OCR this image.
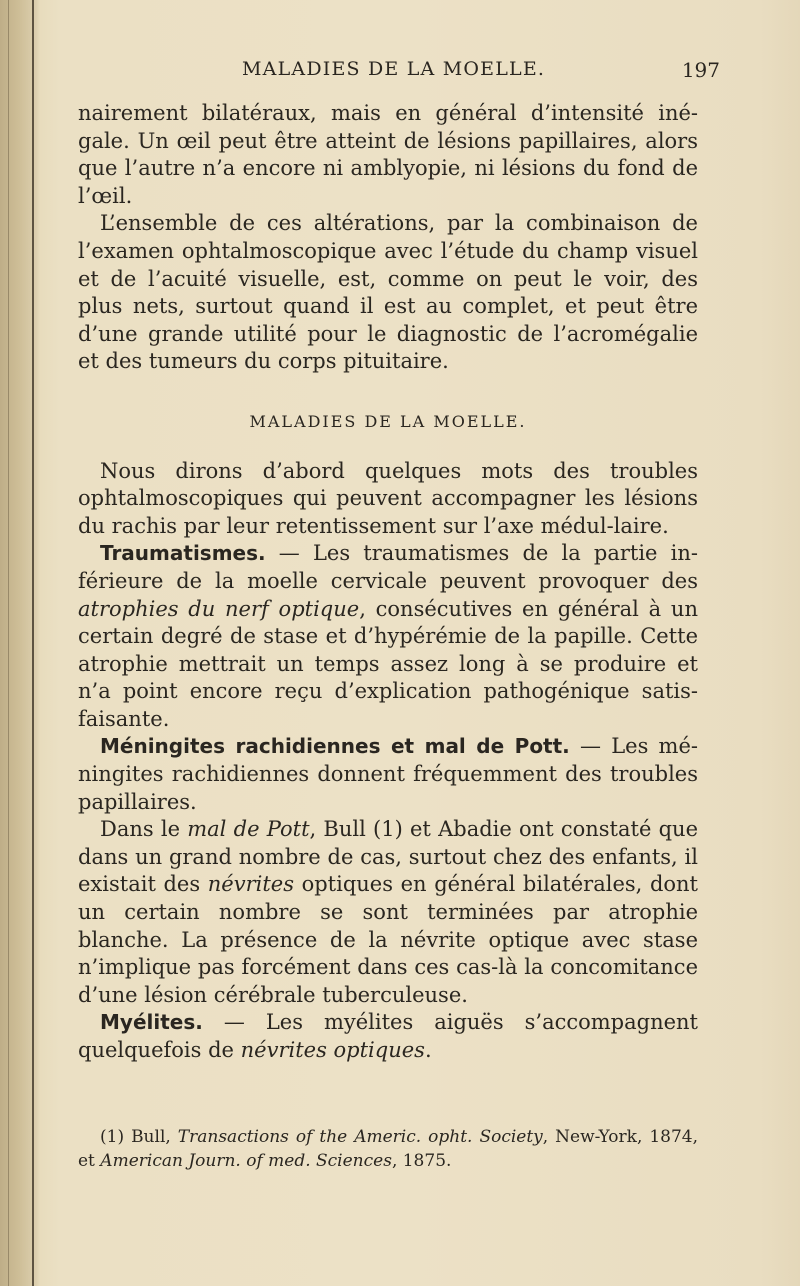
MALADIES DE LA MOELLE.	197

nairement bilatéraux, mais en général d’intensité iné-gale. Un œil peut être atteint de lésions papillaires, alors que l’autre n’a encore ni amblyopie, ni lésions du fond de l’œil.

L’ensemble de ces altérations, par la combinaison de l’examen ophtalmoscopique avec l’étude du champ visuel et de l’acuité visuelle, est, comme on peut le voir, des plus nets, surtout quand il est au complet, et peut être d’une grande utilité pour le diagnostic de l’acromégalie et des tumeurs du corps pituitaire.

MALADIES DE LA MOELLE.

Nous dirons d’abord quelques mots des troubles ophtalmoscopiques qui peuvent accompagner les lésions du rachis par leur retentissement sur l’axe médul-laire.

Traumatismes. — Les traumatismes de la partie in-férieure de la moelle cervicale peuvent provoquer des atrophies du nerf optique, consécutives en général à un certain degré de stase et d’hypérémie de la papille. Cette atrophie mettrait un temps assez long à se produire et n’a point encore reçu d’explication pathogénique satis-faisante.

Méningites rachidiennes et mal de Pott. — Les mé-ningites rachidiennes donnent fréquemment des troubles papillaires.

Dans le mal de Pott, Bull (1) et Abadie ont constaté que dans un grand nombre de cas, surtout chez des enfants, il existait des névrites optiques en général bilatérales, dont un certain nombre se sont terminées par atrophie blanche. La présence de la névrite optique avec stase n’implique pas forcément dans ces cas-là la concomitance d’une lésion cérébrale tuberculeuse.

Myélites. — Les myélites aiguës s’accompagnent quelquefois de névrites optiques.

(1) Bull, Transactions of the Americ. opht. Society, New-York, 1874, et American Journ. of med. Sciences, 1875.
